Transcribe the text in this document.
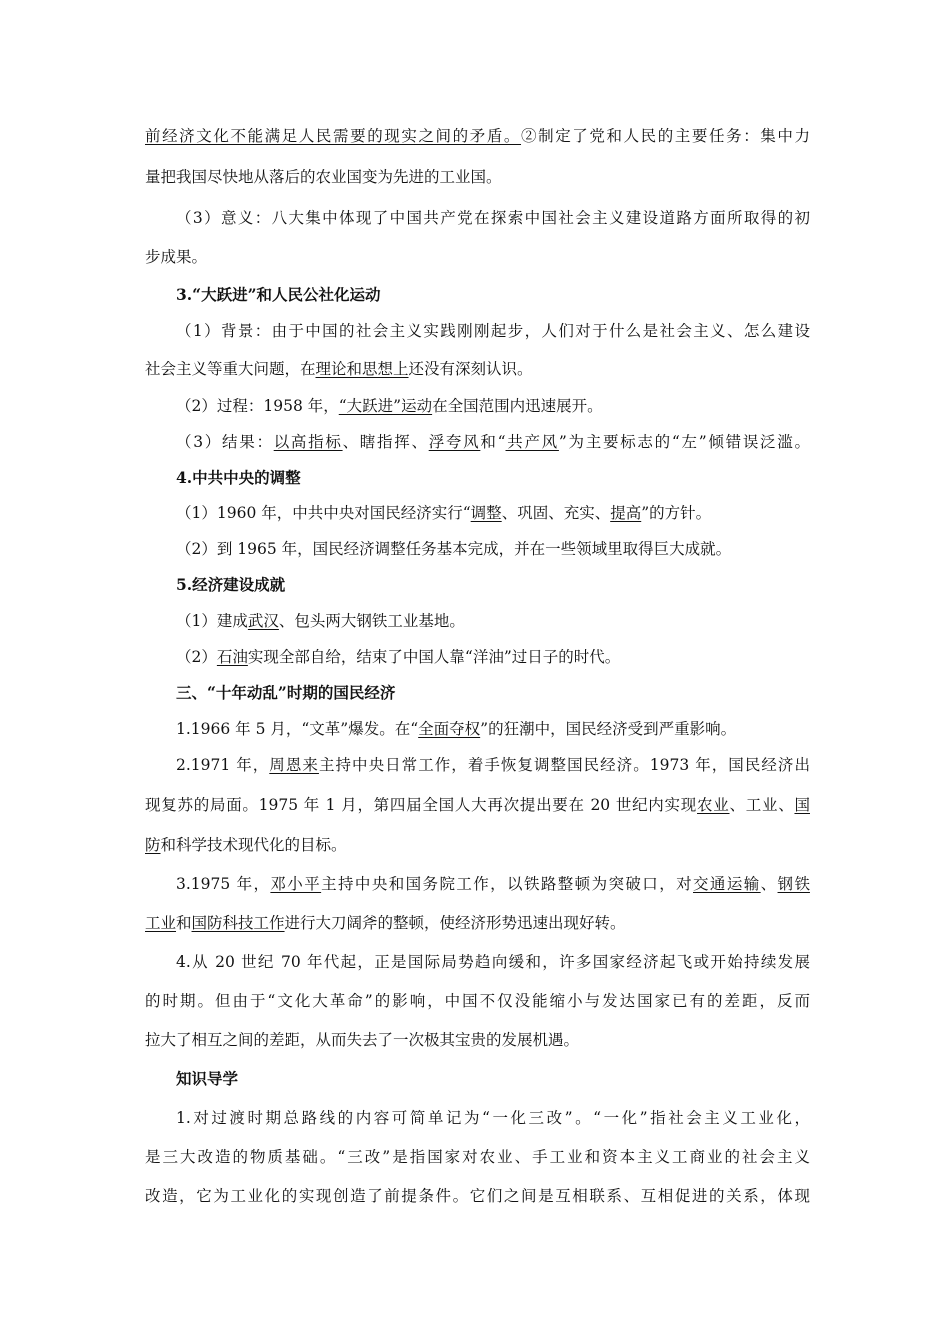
前经济文化不能满足人民需要的现实之间的矛盾。②制定了党和人民的主要任务：集中力
量把我国尽快地从落后的农业国变为先进的工业国。
（3）意义：八大集中体现了中国共产党在探索中国社会主义建设道路方面所取得的初
步成果。
3.“大跃进”和人民公社化运动
（1）背景：由于中国的社会主义实践刚刚起步，人们对于什么是社会主义、怎么建设
社会主义等重大问题，在理论和思想上还没有深刻认识。
（2）过程：1958 年，“大跃进”运动在全国范围内迅速展开。
（3）结果：以高指标、瞎指挥、浮夸风和“共产风”为主要标志的“左”倾错误泛滥。
4.中共中央的调整
（1）1960 年，中共中央对国民经济实行“调整、巩固、充实、提高”的方针。
（2）到 1965 年，国民经济调整任务基本完成，并在一些领域里取得巨大成就。
5.经济建设成就
（1）建成武汉、包头两大钢铁工业基地。
（2）石油实现全部自给，结束了中国人靠“洋油”过日子的时代。
三、“十年动乱”时期的国民经济
1.1966 年 5 月，“文革”爆发。在“全面夺权”的狂潮中，国民经济受到严重影响。
2.1971 年，周恩来主持中央日常工作，着手恢复调整国民经济。1973 年，国民经济出
现复苏的局面。1975 年 1 月，第四届全国人大再次提出要在 20 世纪内实现农业、工业、国
防和科学技术现代化的目标。
3.1975 年，邓小平主持中央和国务院工作，以铁路整顿为突破口，对交通运输、钢铁
工业和国防科技工作进行大刀阔斧的整顿，使经济形势迅速出现好转。
4.从 20 世纪 70 年代起，正是国际局势趋向缓和，许多国家经济起飞或开始持续发展
的时期。但由于“文化大革命”的影响，中国不仅没能缩小与发达国家已有的差距，反而
拉大了相互之间的差距，从而失去了一次极其宝贵的发展机遇。
知识导学
1.对过渡时期总路线的内容可简单记为“一化三改”。“一化”指社会主义工业化，
是三大改造的物质基础。“三改”是指国家对农业、手工业和资本主义工商业的社会主义
改造，它为工业化的实现创造了前提条件。它们之间是互相联系、互相促进的关系，体现
